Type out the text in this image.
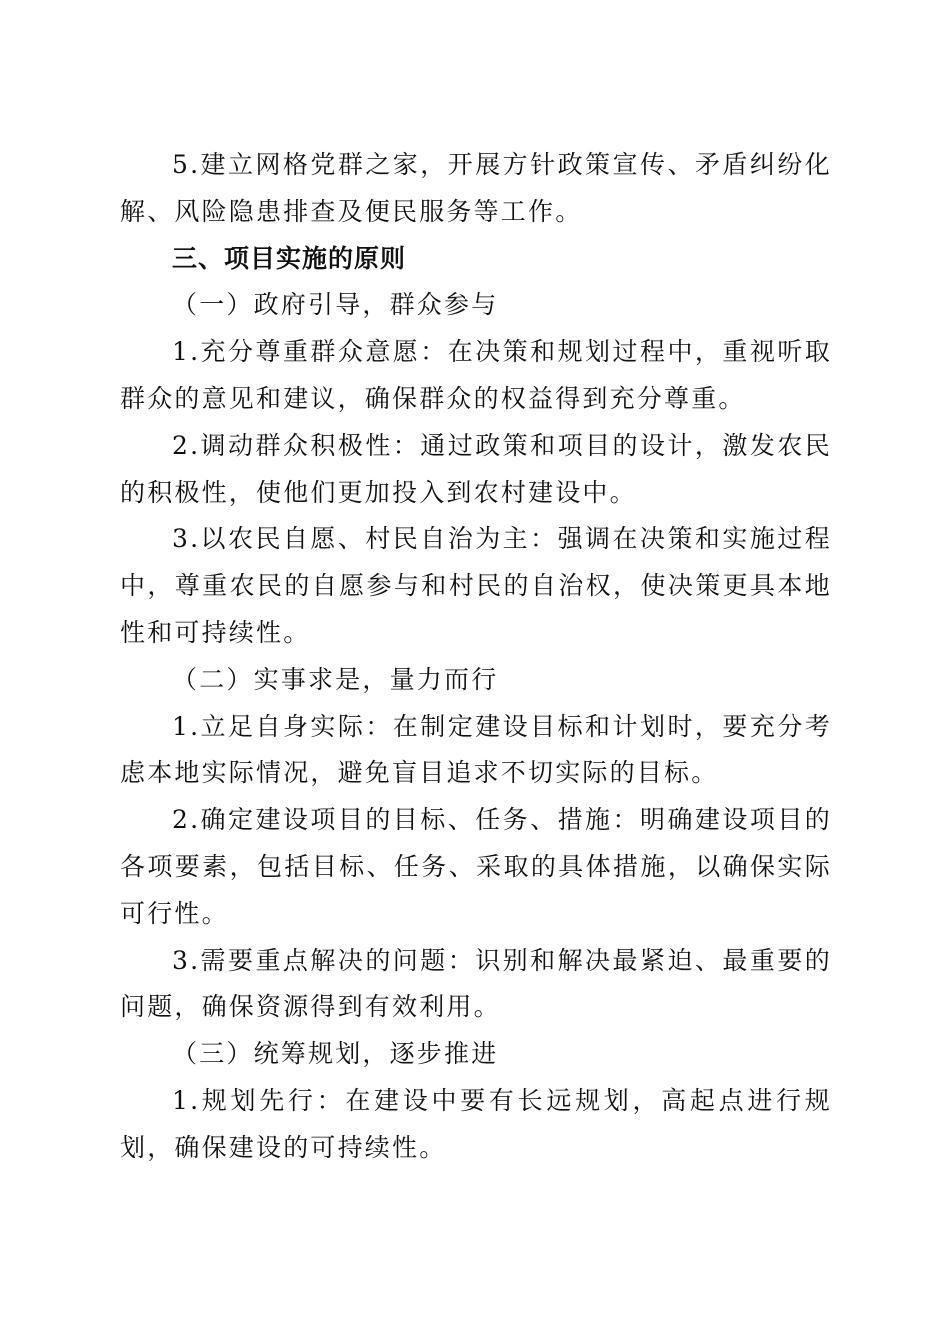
5.建立网格党群之家，开展方针政策宣传、矛盾纠纷化解、风险隐患排查及便民服务等工作。

三、项目实施的原则

（一）政府引导，群众参与

1.充分尊重群众意愿：在决策和规划过程中，重视听取群众的意见和建议，确保群众的权益得到充分尊重。

2.调动群众积极性：通过政策和项目的设计，激发农民的积极性，使他们更加投入到农村建设中。

3.以农民自愿、村民自治为主：强调在决策和实施过程中，尊重农民的自愿参与和村民的自治权，使决策更具本地性和可持续性。

（二）实事求是，量力而行

1.立足自身实际：在制定建设目标和计划时，要充分考虑本地实际情况，避免盲目追求不切实际的目标。

2.确定建设项目的目标、任务、措施：明确建设项目的各项要素，包括目标、任务、采取的具体措施，以确保实际可行性。

3.需要重点解决的问题：识别和解决最紧迫、最重要的问题，确保资源得到有效利用。

（三）统筹规划，逐步推进

1.规划先行：在建设中要有长远规划，高起点进行规划，确保建设的可持续性。
